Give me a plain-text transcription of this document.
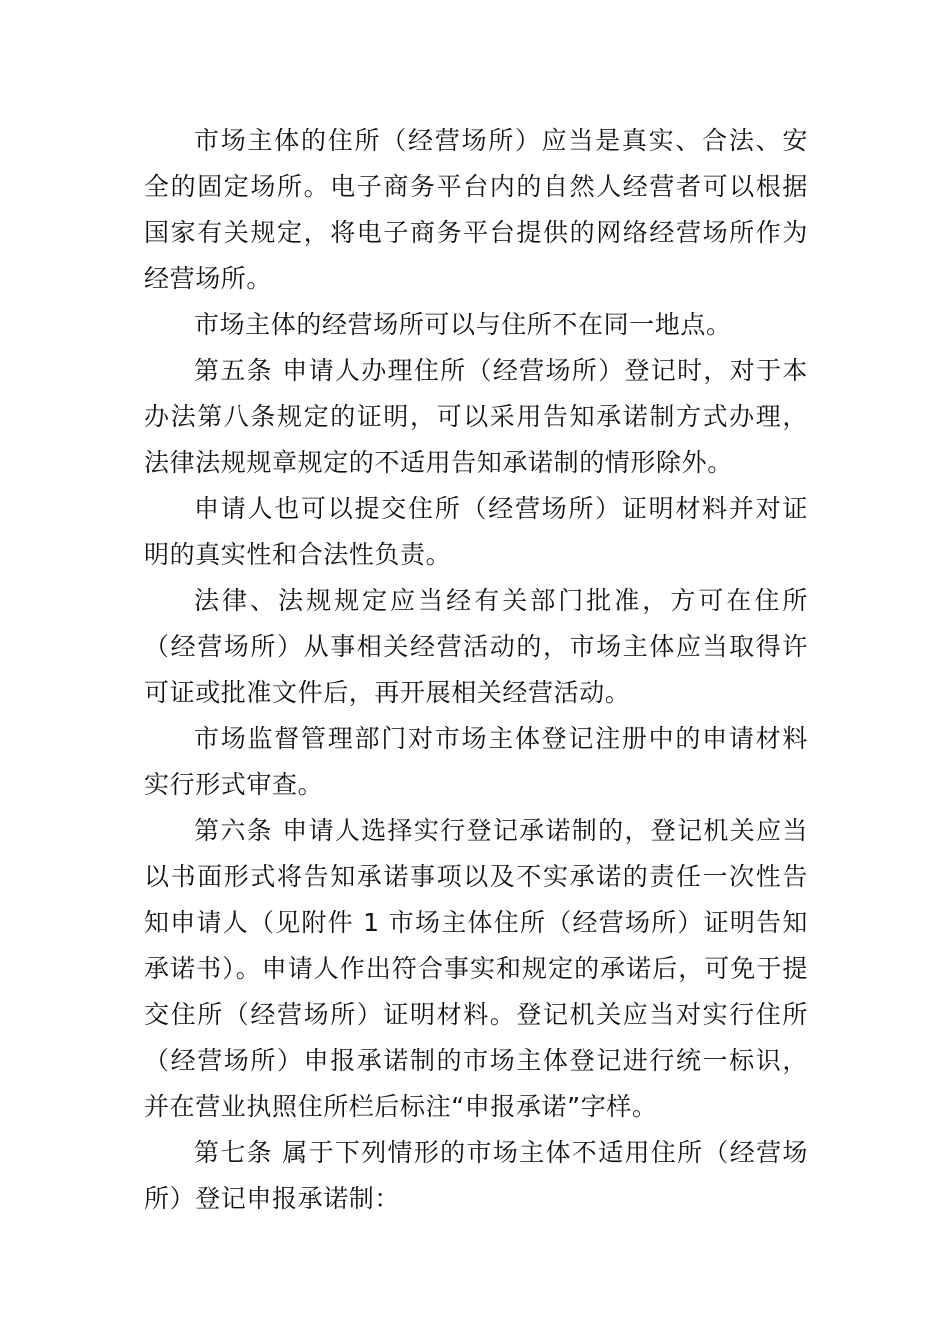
市场主体的住所（经营场所）应当是真实、合法、安全的固定场所。电子商务平台内的自然人经营者可以根据国家有关规定，将电子商务平台提供的网络经营场所作为经营场所。

市场主体的经营场所可以与住所不在同一地点。

第五条 申请人办理住所（经营场所）登记时，对于本办法第八条规定的证明，可以采用告知承诺制方式办理，法律法规规章规定的不适用告知承诺制的情形除外。

申请人也可以提交住所（经营场所）证明材料并对证明的真实性和合法性负责。

法律、法规规定应当经有关部门批准，方可在住所（经营场所）从事相关经营活动的，市场主体应当取得许可证或批准文件后，再开展相关经营活动。

市场监督管理部门对市场主体登记注册中的申请材料实行形式审查。

第六条 申请人选择实行登记承诺制的，登记机关应当以书面形式将告知承诺事项以及不实承诺的责任一次性告 知申请人（见附件 1 市场主体住所（经营场所）证明告知承诺书）。申请人作出符合事实和规定的承诺后，可免于提交住所（经营场所）证明材料。登记机关应当对实行住所（经营场所）申报承诺制的市场主体登记进行统一标识，并在营业执照住所栏后标注“申报承诺”字样。

第七条 属于下列情形的市场主体不适用住所（经营场所）登记申报承诺制：
